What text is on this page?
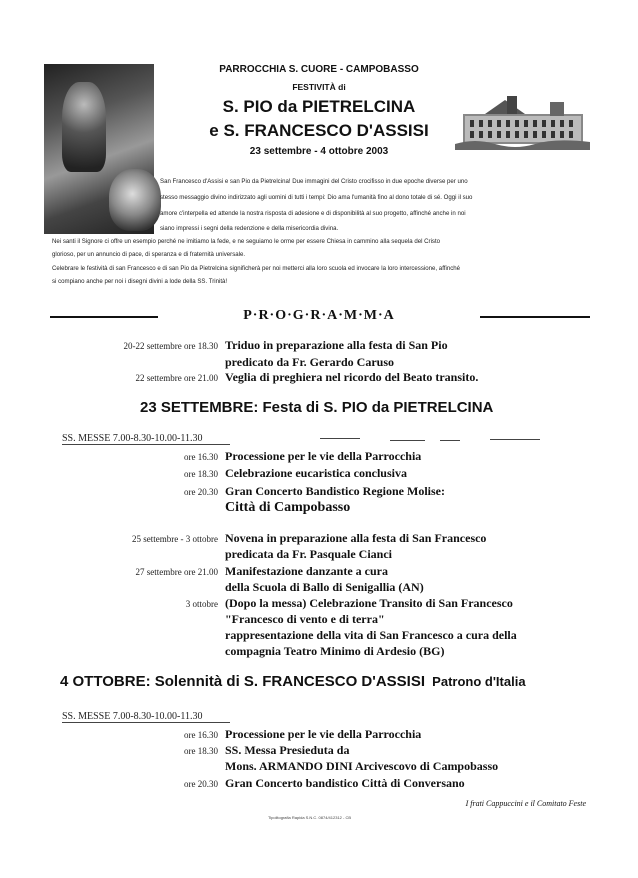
PARROCCHIA S. CUORE - CAMPOBASSO
FESTIVITÀ di
S. PIO da PIETRELCINA
e S. FRANCESCO D'ASSISI
23 settembre - 4 ottobre 2003
San Francesco d'Assisi e san Pio da Pietrelcina! Due immagini del Cristo crocifisso in due epoche diverse per uno
stesso messaggio divino indirizzato agli uomini di tutti i tempi: Dio ama l'umanità fino al dono totale di sé. Oggi il suo
amore c'interpella ed attende la nostra risposta di adesione e di disponibilità al suo progetto, affinché anche in noi
siano impressi i segni della redenzione e della misericordia divina.
Nei santi il Signore ci offre un esempio perché ne imitiamo la fede, e ne seguiamo le orme per essere Chiesa in cammino alla sequela del Cristo
glorioso, per un annuncio di pace, di speranza e di fraternità universale.
Celebrare le festività di san Francesco e di san Pio da Pietrelcina significherà per noi metterci alla loro scuola ed invocare la loro intercessione, affinché
si compiano anche per noi i disegni divini a lode della SS. Trinità!
P·R·O·G·R·A·M·M·A
20-22 settembre ore 18.30 Triduo in preparazione alla festa di San Pio
predicato da Fr. Gerardo Caruso
22 settembre ore 21.00 Veglia di preghiera nel ricordo del Beato transito.
23 SETTEMBRE: Festa di S. PIO da PIETRELCINA
SS. MESSE 7.00-8.30-10.00-11.30
ore 16.30 Processione per le vie della Parrocchia
ore 18.30 Celebrazione eucaristica conclusiva
ore 20.30 Gran Concerto Bandistico Regione Molise:
Città di Campobasso
25 settembre - 3 ottobre Novena in preparazione alla festa di San Francesco
predicata da Fr. Pasquale Cianci
27 settembre ore 21.00 Manifestazione danzante a cura
della Scuola di Ballo di Senigallia (AN)
3 ottobre (Dopo la messa) Celebrazione Transito di San Francesco
"Francesco di vento e di terra"
rappresentazione della vita di San Francesco a cura della
compagnia Teatro Minimo di Ardesio (BG)
4 OTTOBRE: Solennità di S. FRANCESCO D'ASSISI Patrono d'Italia
SS. MESSE 7.00-8.30-10.00-11.30
ore 16.30 Processione per le vie della Parrocchia
ore 18.30 SS. Messa Presieduta da
Mons. ARMANDO DINI Arcivescovo di Campobasso
ore 20.30 Gran Concerto bandistico Città di Conversano
I frati Cappuccini e il Comitato Feste
Tipolitografia Rapida S.N.C. 0874/412312 - CB
